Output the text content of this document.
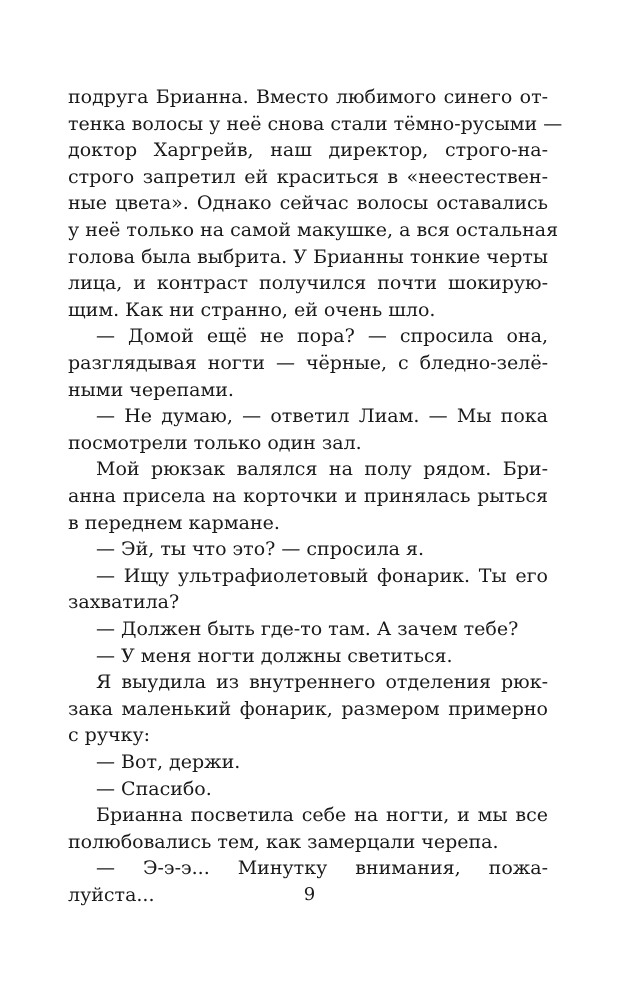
подруга Брианна. Вместо любимого синего от-
тенка волосы у неё снова стали тёмно-русыми —
доктор Харгрейв, наш директор, строго-на-
строго запретил ей краситься в «неестествен-
ные цвета». Однако сейчас волосы оставались
у неё только на самой макушке, а вся остальная
голова была выбрита. У Брианны тонкие черты
лица, и контраст получился почти шокирую-
щим. Как ни странно, ей очень шло.
— Домой ещё не пора? — спросила она,
разглядывая ногти — чёрные, с бледно-зелё-
ными черепами.
— Не думаю, — ответил Лиам. — Мы пока
посмотрели только один зал.
Мой рюкзак валялся на полу рядом. Бри-
анна присела на корточки и принялась рыться
в переднем кармане.
— Эй, ты что это? — спросила я.
— Ищу ультрафиолетовый фонарик. Ты его
захватила?
— Должен быть где-то там. А зачем тебе?
— У меня ногти должны светиться.
Я выудила из внутреннего отделения рюк-
зака маленький фонарик, размером примерно
с ручку:
— Вот, держи.
— Спасибо.
Брианна посветила себе на ногти, и мы все
полюбовались тем, как замерцали черепа.
— Э-э-э... Минутку внимания, пожа-
луйста...	9
